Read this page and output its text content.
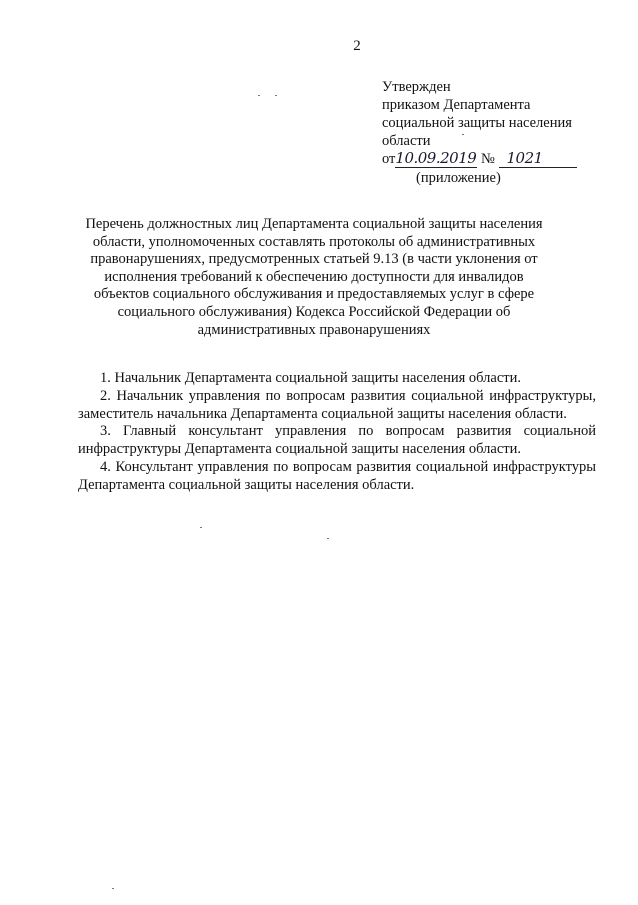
2
Утвержден
приказом Департамента
социальной защиты населения
области
от10.09.2019 № 1021
(приложение)
Перечень должностных лиц Департамента социальной защиты населения области, уполномоченных составлять протоколы об административных правонарушениях, предусмотренных статьей 9.13 (в части уклонения от исполнения требований к обеспечению доступности для инвалидов объектов социального обслуживания и предоставляемых услуг в сфере социального обслуживания) Кодекса Российской Федерации об административных правонарушениях

1. Начальник Департамента социальной защиты населения области.

2. Начальник управления по вопросам развития социальной инфраструктуры, заместитель начальника Департамента социальной защиты населения области.

3. Главный консультант управления по вопросам развития социальной инфраструктуры Департамента социальной защиты населения области.

4. Консультант управления по вопросам развития социальной инфраструктуры Департамента социальной защиты населения области.
